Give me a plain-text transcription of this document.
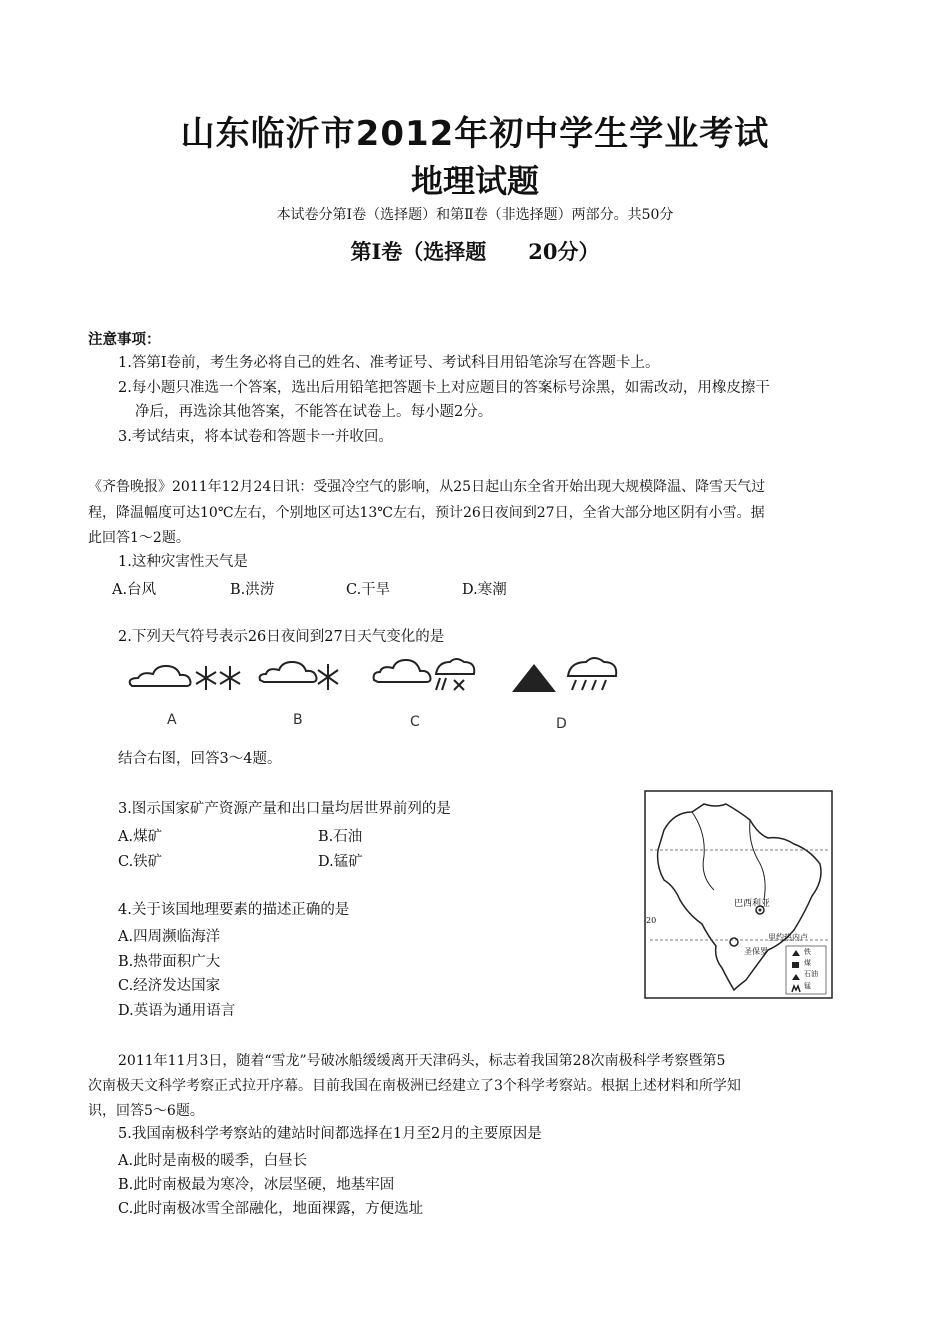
山东临沂市2012年初中学生学业考试
地理试题
本试卷分第Ⅰ卷（选择题）和第Ⅱ卷（非选择题）两部分。共50分
第Ⅰ卷（选择题　　20分）
注意事项：
1.答第Ⅰ卷前，考生务必将自己的姓名、准考证号、考试科目用铅笔涂写在答题卡上。
2.每小题只准选一个答案，选出后用铅笔把答题卡上对应题目的答案标号涂黑，如需改动，用橡皮擦干
净后，再选涂其他答案，不能答在试卷上。每小题2分。
3.考试结束，将本试卷和答题卡一并收回。
《齐鲁晚报》2011年12月24日讯：受强冷空气的影响，从25日起山东全省开始出现大规模降温、降雪天气过
程，降温幅度可达10℃左右，个别地区可达13℃左右，预计26日夜间到27日，全省大部分地区阴有小雪。据
此回答1～2题。
1.这种灾害性天气是
A.台风	B.洪涝	C.干旱	D.寒潮
2.下列天气符号表示26日夜间到27日天气变化的是
A	B	C	D
结合右图，回答3～4题。
3.图示国家矿产资源产量和出口量均居世界前列的是
A.煤矿	B.石油
C.铁矿	D.锰矿
4.关于该国地理要素的描述正确的是
A.四周濒临海洋
B.热带面积广大
C.经济发达国家
D.英语为通用语言
巴西利亚
里约热内卢
圣保罗
20
铁
煤
石油
锰
2011年11月3日，随着“雪龙”号破冰船缓缓离开天津码头，标志着我国第28次南极科学考察暨第5
次南极天文科学考察正式拉开序幕。目前我国在南极洲已经建立了3个科学考察站。根据上述材料和所学知
识，回答5～6题。
5.我国南极科学考察站的建站时间都选择在1月至2月的主要原因是
A.此时是南极的暖季，白昼长
B.此时南极最为寒冷，冰层坚硬，地基牢固
C.此时南极冰雪全部融化，地面裸露，方便选址
